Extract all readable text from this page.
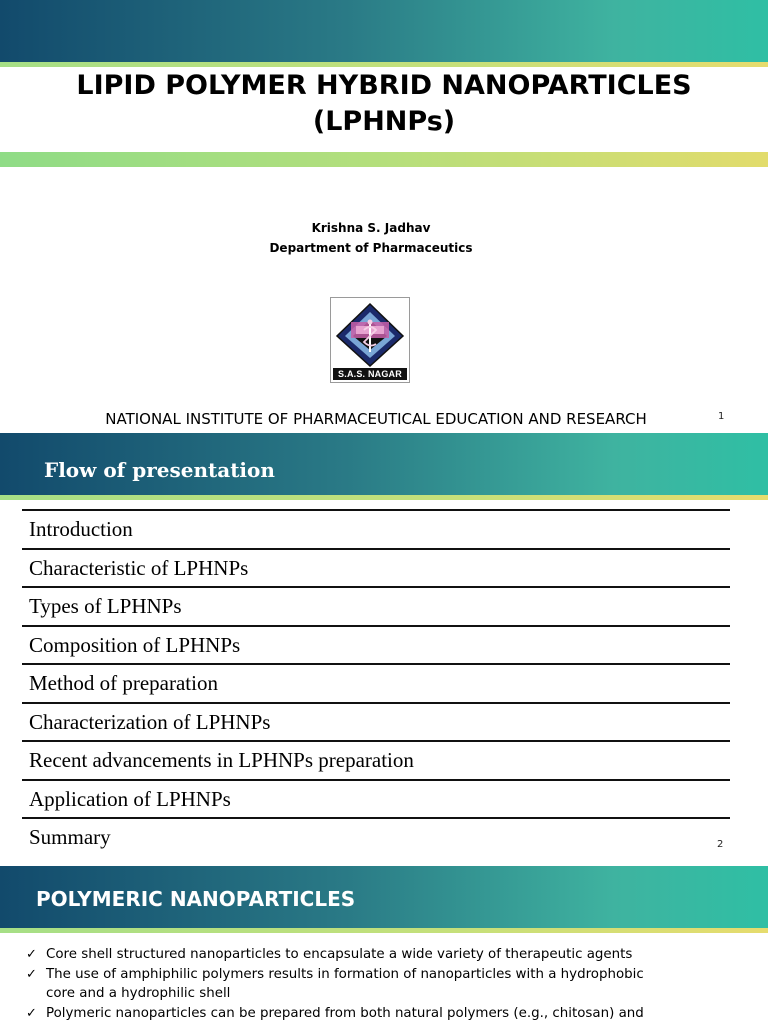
LIPID POLYMER HYBRID NANOPARTICLES
(LPHNPs)
Krishna S. Jadhav
Department of Pharmaceutics
S.A.S. NAGAR
NATIONAL INSTITUTE OF PHARMACEUTICAL EDUCATION AND RESEARCH	1
Flow of presentation
Introduction
Characteristic of LPHNPs
Types of LPHNPs
Composition of LPHNPs
Method of preparation
Characterization of LPHNPs
Recent advancements in LPHNPs preparation
Application of LPHNPs
Summary	2
POLYMERIC NANOPARTICLES
✓ Core shell structured nanoparticles to encapsulate a wide variety of therapeutic agents
✓ The use of amphiphilic polymers results in formation of nanoparticles with a hydrophobic core and a hydrophilic shell
✓ Polymeric nanoparticles can be prepared from both natural polymers (e.g., chitosan) and
